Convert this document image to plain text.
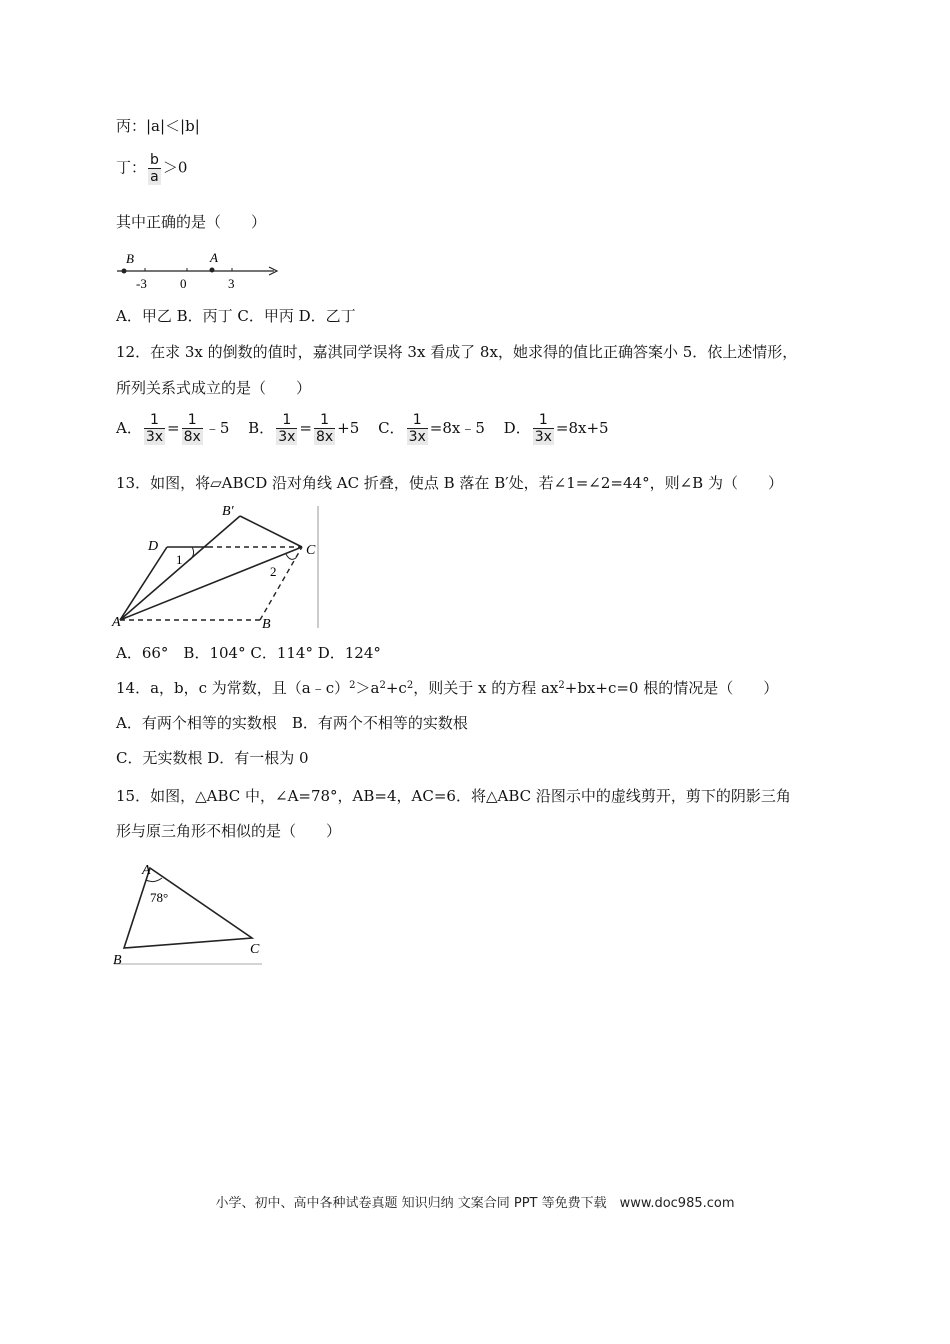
丙：|a|＜|b|
丁： $\frac{b}{a} >0$
其中正确的是（　　）
B
-3	0
A
3
A．甲乙 B．丙丁 C．甲丙 D．乙丁
12．在求 3x 的倒数的值时，嘉淇同学误将 3x 看成了 8x，她求得的值比正确答案小 5．依上述情形，
所列关系式成立的是（　　）
A． $\frac{1}{3x} = \frac{1}{8x}$ ﹣5 B． $\frac{1}{3x} = \frac{1}{8x} +5$ C． $\frac{1}{3x}$ =8x﹣5 D． $\frac{1}{3x} =8x+5$
13．如图，将▱ABCD 沿对角线 AC 折叠，使点 B 落在 B′处，若∠1=∠2=44°，则∠B 为（　　）
B′
D
1
C
2
A	B
A．66°　B．104° C．114° D．124°
14．a，b，c 为常数，且$(a﹣c)^2>a^2+c^2$，则关于 x 的方程 $ax^2+bx+c=0$ 根的情况是（　　）
A．有两个相等的实数根　B．有两个不相等的实数根
C．无实数根 D．有一根为 0
15．如图，△ABC 中，∠A=78°，AB=4，AC=6．将△ABC 沿图示中的虚线剪开，剪下的阴影三角
形与原三角形不相似的是（　　）
A
78°
B
C
小学、初中、高中各种试卷真题 知识归纳 文案合同 PPT 等免费下载　www.doc985.com
